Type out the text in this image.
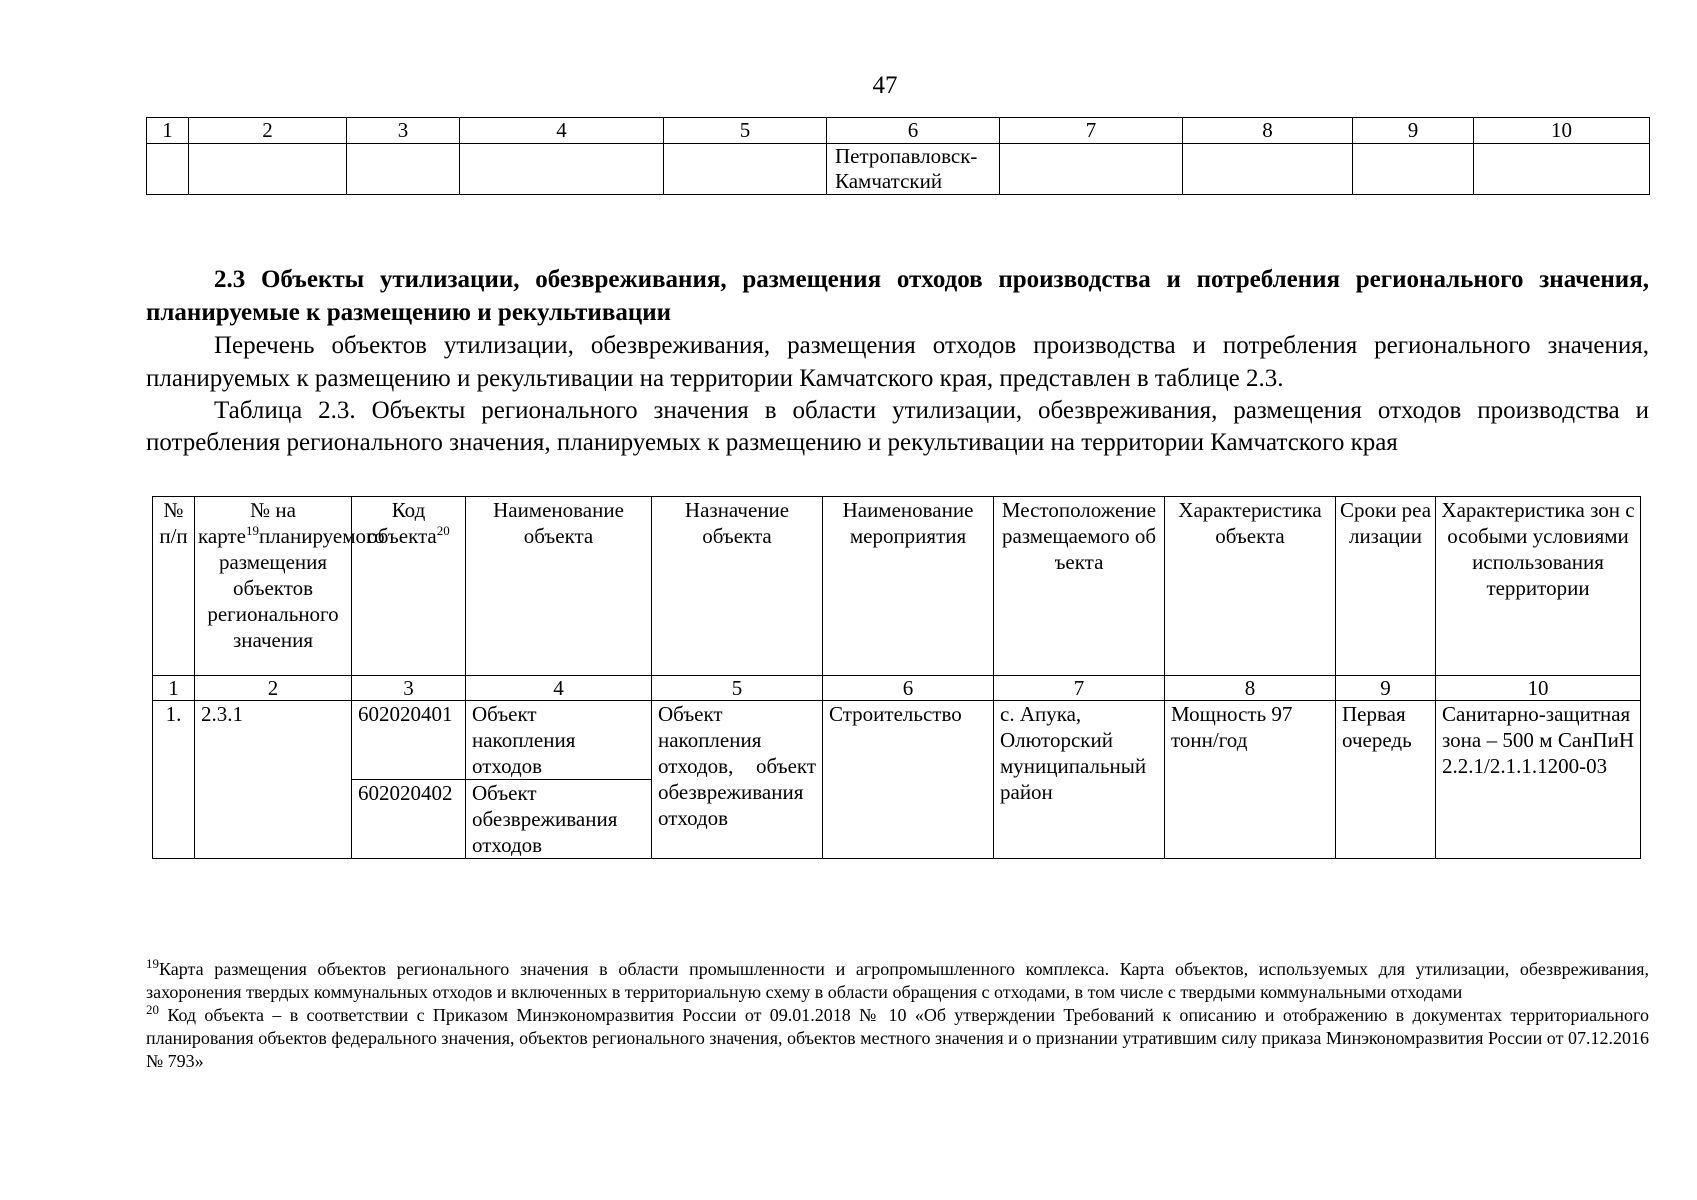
47
1	2	3	4	5	6	7	8	9	10
					Петропавловск-Камчатский				

2.3 Объекты утилизации, обезвреживания, размещения отходов производства и потребления регионального значения, планируемые к размещению и рекультивации

Перечень объектов утилизации, обезвреживания, размещения отходов производства и потребления регионального значения, планируемых к размещению и рекультивации на территории Камчатского края, представлен в таблице 2.3.

Таблица 2.3. Объекты регионального значения в области утилизации, обезвреживания, размещения отходов производства и потребления регионального значения, планируемых к размещению и рекультивации на территории Камчатского края

№ п/п	№ на карте$^{19}$планируемого размещения объектов регионального значения	Код объекта$^{20}$	Наименование объекта	Назначение объекта	Наименование мероприятия	Местоположение размещаемого объекта	Характеристика объекта	Сроки реализации	Характеристика зон с особыми условиями использования территории
1	2	3	4	5	6	7	8	9	10
1.	2.3.1	602020401	Объект накопления отходов	Объект накопления отходов, объект обезвреживания отходов	Строительство	с. Апука, Олюторский муниципальный район	Мощность 97 тонн/год	Первая очередь	Санитарно-защитная зона – 500 м СанПиН 2.2.1/2.1.1.1200-03
		602020402	Объект обезвреживания отходов						

$^{19}$Карта размещения объектов регионального значения в области промышленности и агропромышленного комплекса. Карта объектов, используемых для утилизации, обезвреживания, захоронения твердых коммунальных отходов и включенных в территориальную схему в области обращения с отходами, в том числе с твердыми коммунальными отходами

$^{20}$ Код объекта – в соответствии с Приказом Минэкономразвития России от 09.01.2018 № 10 «Об утверждении Требований к описанию и отображению в документах территориального планирования объектов федерального значения, объектов регионального значения, объектов местного значения и о признании утратившим силу приказа Минэкономразвития России от 07.12.2016 № 793»
